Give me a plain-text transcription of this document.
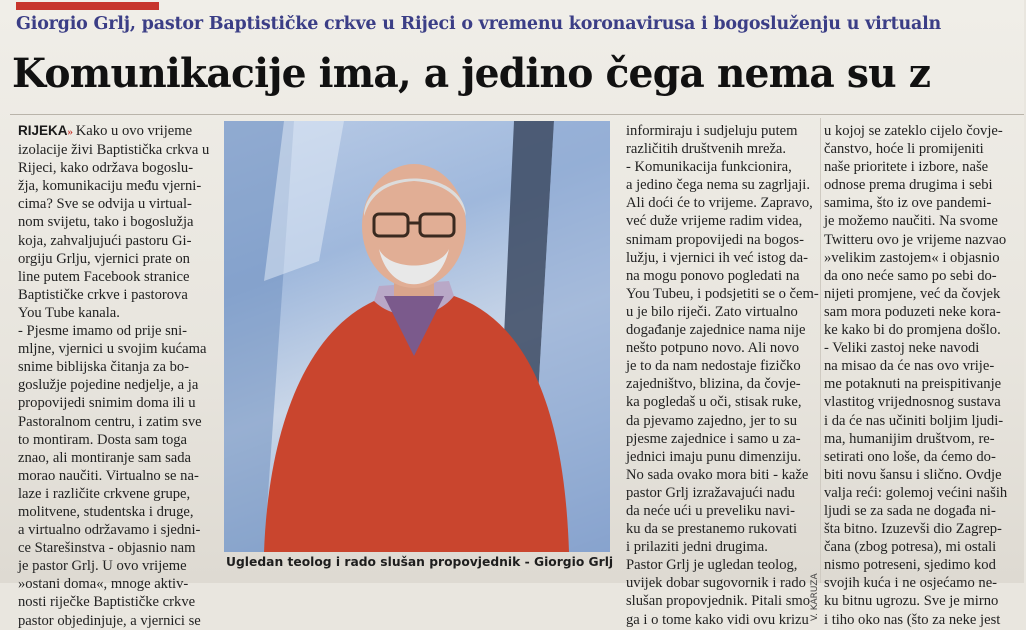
Giorgio Grlj, pastor Baptističke crkve u Rijeci o vremenu koronavirusa i bogosluženju u virtualn
Komunikacije ima, a jedino čega nema su z
RIJEKA» Kako u ovo vrijeme
izolacije živi Baptistička crkva u
Rijeci, kako održava bogoslu-
žja, komunikaciju među vjerni-
cima? Sve se odvija u virtual-
nom svijetu, tako i bogoslužja
koja, zahvaljujući pastoru Gi-
orgiju Grlju, vjernici prate on
line putem Facebook stranice
Baptističke crkve i pastorova
You Tube kanala.
- Pjesme imamo od prije sni-
mljne, vjernici u svojim kućama
snime biblijska čitanja za bo-
goslužje pojedine nedjelje, a ja
propovijedi snimim doma ili u
Pastoralnom centru, i zatim sve
to montiram. Dosta sam toga
znao, ali montiranje sam sada
morao naučiti. Virtualno se na-
laze i različite crkvene grupe,
molitvene, studentska i druge,
a virtualno održavamo i sjedni-
ce Starešinstva - objasnio nam
je pastor Grlj. U ovo vrijeme
»ostani doma«, mnoge aktiv-
nosti riječke Baptističke crkve
pastor objedinjuje, a vjernici se	V. KARUZA
Ugledan teolog i rado slušan propovjednik - Giorgio Grlj
informiraju i sudjeluju putem
različitih društvenih mreža.
- Komunikacija funkcionira,
a jedino čega nema su zagrljaji.
Ali doći će to vrijeme. Zapravo,
već duže vrijeme radim videa,
snimam propovijedi na bogos-
lužju, i vjernici ih već istog da-
na mogu ponovo pogledati na
You Tubeu, i podsjetiti se o čem-
u je bilo riječi. Zato virtualno
događanje zajednice nama nije
nešto potpuno novo. Ali novo
je to da nam nedostaje fizičko
zajedništvo, blizina, da čovje-
ka pogledaš u oči, stisak ruke,
da pjevamo zajedno, jer to su
pjesme zajednice i samo u za-
jednici imaju punu dimenziju.
No sada ovako mora biti - kaže
pastor Grlj izražavajući nadu
da neće ući u preveliku navi-
ku da se prestanemo rukovati
i prilaziti jedni drugima.
Pastor Grlj je ugledan teolog,
uvijek dobar sugovornik i rado
slušan propovjednik. Pitali smo
ga i o tome kako vidi ovu krizu
u kojoj se zateklo cijelo čovje-
čanstvo, hoće li promijeniti
naše prioritete i izbore, naše
odnose prema drugima i sebi
samima, što iz ove pandemi-
je možemo naučiti. Na svome
Twitteru ovo je vrijeme nazvao
»velikim zastojem« i objasnio
da ono neće samo po sebi do-
nijeti promjene, već da čovjek
sam mora poduzeti neke kora-
ke kako bi do promjena došlo.
- Veliki zastoj neke navodi
na misao da će nas ovo vrije-
me potaknuti na preispitivanje
vlastitog vrijednosnog sustava
i da će nas učiniti boljim ljudi-
ma, humanijim društvom, re-
setirati ono loše, da ćemo do-
biti novu šansu i slično. Ovdje
valja reći: golemoj većini naših
ljudi se za sada ne događa ni-
šta bitno. Izuzevši dio Zagrep-
čana (zbog potresa), mi ostali
nismo potreseni, sjedimo kod
svojih kuća i ne osjećamo ne-
ku bitnu ugrozu. Sve je mirno
i tiho oko nas (što za neke jest
